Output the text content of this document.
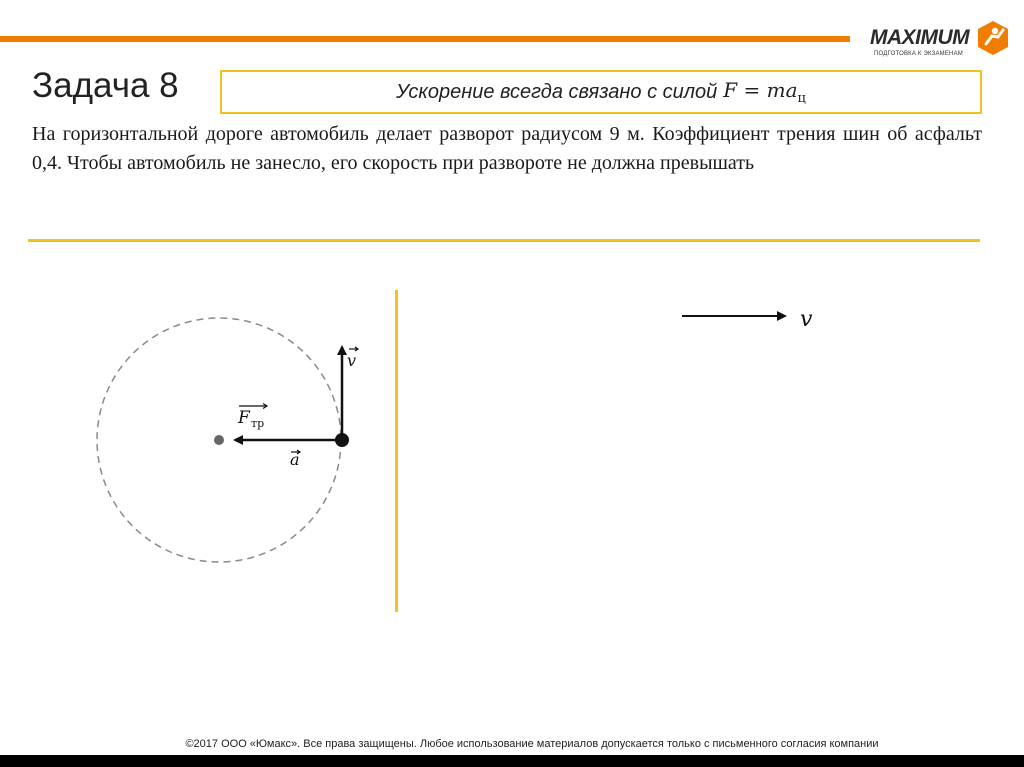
MAXIMUM
ПОДГОТОВКА К ЭКЗАМЕНАМ
Задача 8	Ускорение всегда связано с силой $F = ma_ц$
На горизонтальной дороге автомобиль делает разворот радиусом 9 м. Коэффициент трения шин об асфальт 0,4. Чтобы автомобиль не занесло, его скорость при развороте не должна превышать
v
F тр
a
v
©2017 ООО «Юмакс». Все права защищены. Любое использование материалов допускается только с письменного согласия компании
